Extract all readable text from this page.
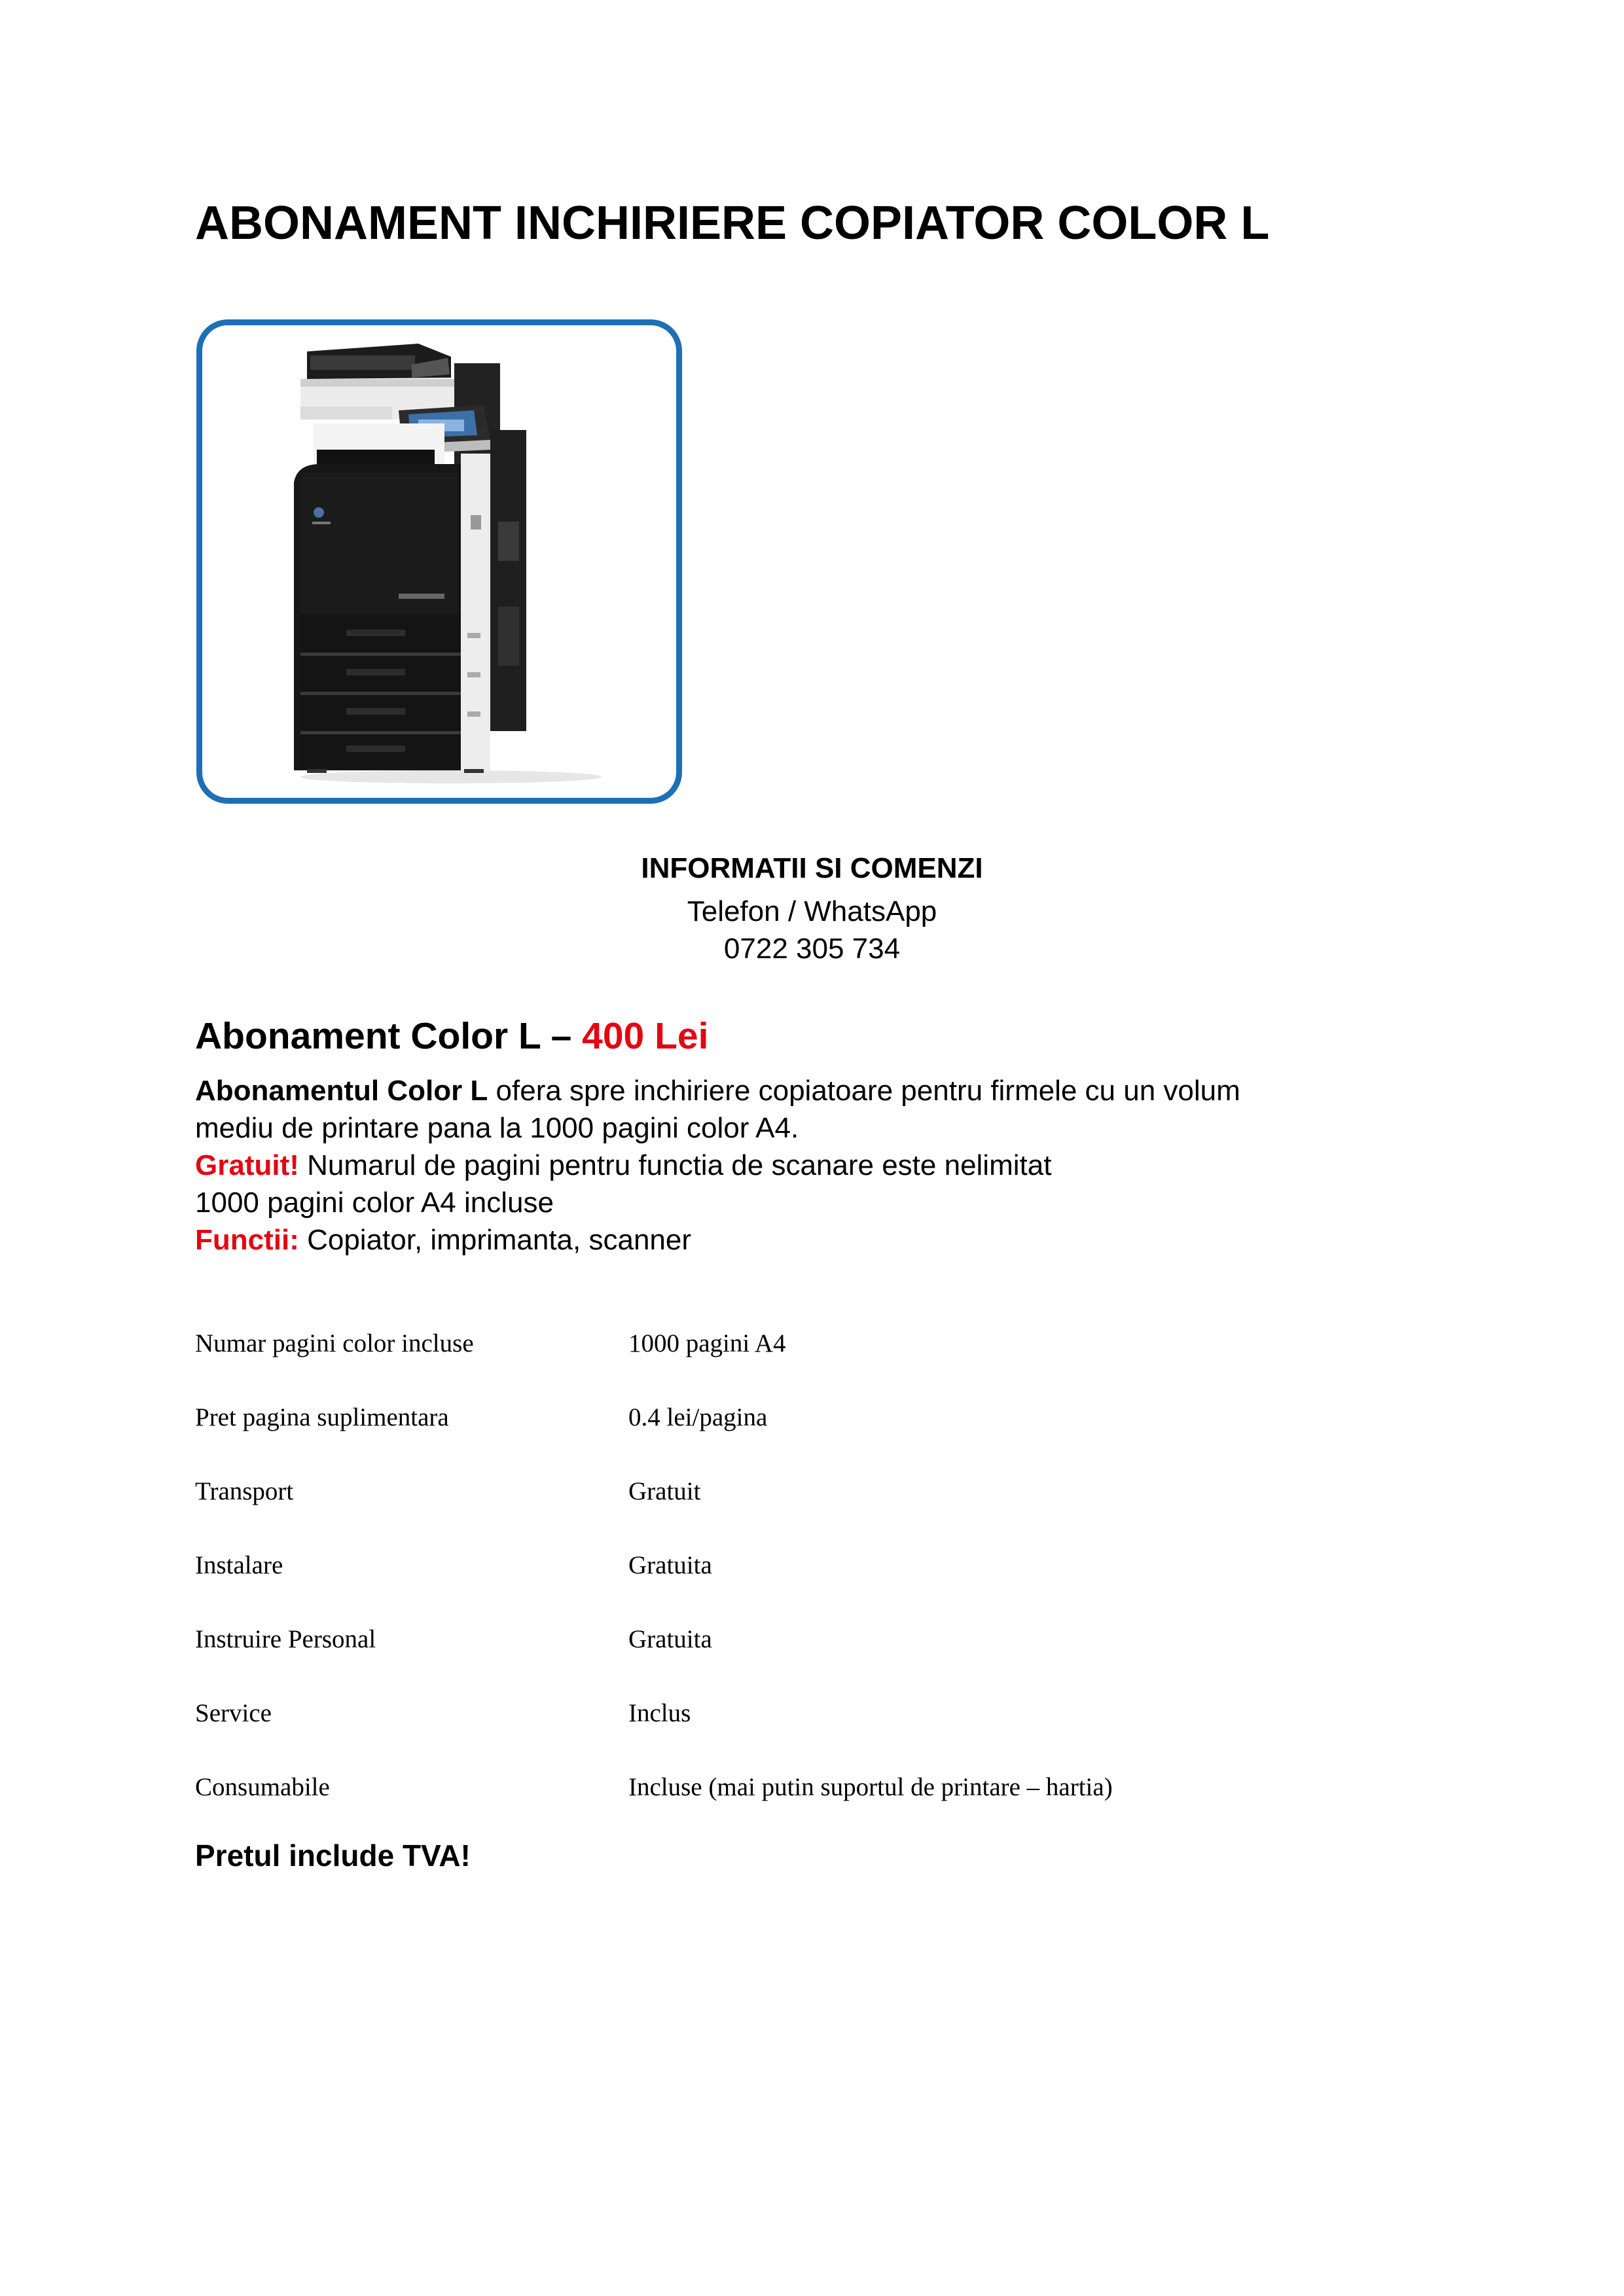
ABONAMENT INCHIRIERE COPIATOR COLOR L
INFORMATII SI COMENZI
Telefon / WhatsApp
0722 305 734
Abonament Color L – 400 Lei
Abonamentul Color L ofera spre inchiriere copiatoare pentru firmele cu un volum
mediu de printare pana la 1000 pagini color A4.
Gratuit! Numarul de pagini pentru functia de scanare este nelimitat
1000 pagini color A4 incluse
Functii: Copiator, imprimanta, scanner
Numar pagini color incluse	1000 pagini A4
Pret pagina suplimentara	0.4 lei/pagina
Transport	Gratuit
Instalare	Gratuita
Instruire Personal	Gratuita
Service	Inclus
Consumabile	Incluse (mai putin suportul de printare – hartia)
Pretul include TVA!
